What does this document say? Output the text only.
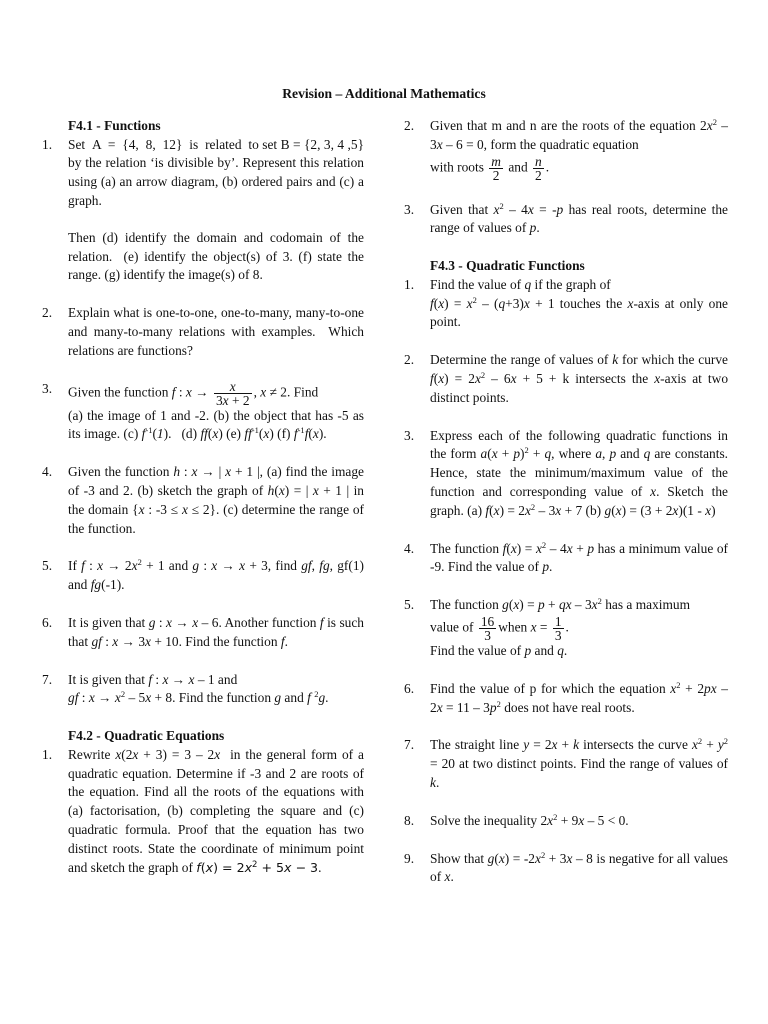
Revision – Additional Mathematics
F4.1 - Functions
1.	Set  A  =  {4,  8,  12}  is  related  to set B = {2, 3, 4 ,5} by the relation ‘is divisible by’. Represent this relation using (a) an arrow diagram, (b) ordered pairs and (c) a graph.
Then (d) identify the domain and codomain of the relation.  (e) identify the object(s) of 3. (f) state the range. (g) identify the image(s) of 8.
2.	Explain what is one-to-one, one-to-many, many-to-one and many-to-many relations with examples.  Which relations are functions?
3.	Given the function f : $x \to \frac{x}{3x + 2}$ , x ≠ 2. Find
(a) the image of 1 and -2. (b) the object that has -5 as its image. (c) $f^{-1}(1)$.   (d) ff(x) (e) $ff^{-1}(x)$ (f) $f^{-1}f(x)$.
4.	Given the function h : x → | x + 1 |, (a) find the image of -3 and 2. (b) sketch the graph of h(x) = | x + 1 | in the domain {x : -3 ≤ x ≤ 2}. (c) determine the range of the function.
5.	If f : $x \to 2x^2 + 1$ and g : x → x + 3, find gf, fg, gf(1) and fg(-1).
6.	It is given that g : x → x – 6. Another function f is such that gf : x → 3x + 10. Find the function f.
7.	It is given that f : x → x – 1 and
gf : $x \to x^2 - 5x + 8$. Find the function g and f $^2$g.
F4.2 - Quadratic Equations
1.	Rewrite x(2x + 3) = 3 – 2x  in the general form of a quadratic equation. Determine if -3 and 2 are roots of the equation. Find all the roots of the equations with (a) factorisation, (b) completing the square and (c) quadratic formula. Proof that the equation has two distinct roots. State the coordinate of minimum point and sketch the graph of $f(x) = 2x^2 + 5x - 3$.
2.	Given that m and n are the roots of the equation $2x^2 - 3x - 6 = 0$, form the quadratic equation
with roots $\frac{m}{2}$ and $\frac{n}{2}$ .
3.	Given that $x^2 - 4x = -p$ has real roots, determine the range of values of p.
F4.3 - Quadratic Functions
1.	Find the value of q if the graph of
$f(x) = x^2 - (q+3)x + 1$ touches the x-axis at only one point.
2.	Determine the range of values of k for which the curve $f(x) = 2x^2 - 6x + 5 + k$ intersects the x-axis at two distinct points.
3.	Express each of the following quadratic functions in the form $a(x + p)^2 + q$, where a, p and q are constants. Hence, state the minimum/maximum value of the function and corresponding value of x. Sketch the graph. (a) $f(x) = 2x^2 - 3x + 7$ (b) g(x) = (3 + 2x)(1 - x)
4.	The function $f(x) = x^2 - 4x + p$ has a minimum value of -9. Find the value of p.
5.	The function g(x) = p + qx – $3x^2$ has a maximum
value of $\frac{16}{3}$ when $x = \frac{1}{3}$ .
Find the value of p and q.
6.	Find the value of p for which the equation $x^2 + 2px - 2x = 11 - 3p^2$ does not have real roots.
7.	The straight line y = 2x + k intersects the curve $x^2 + y^2 = 20$ at two distinct points. Find the range of values of k.
8.	Solve the inequality $2x^2 + 9x - 5 < 0$.
9.	Show that $g(x) = -2x^2 + 3x - 8$ is negative for all values of x.
